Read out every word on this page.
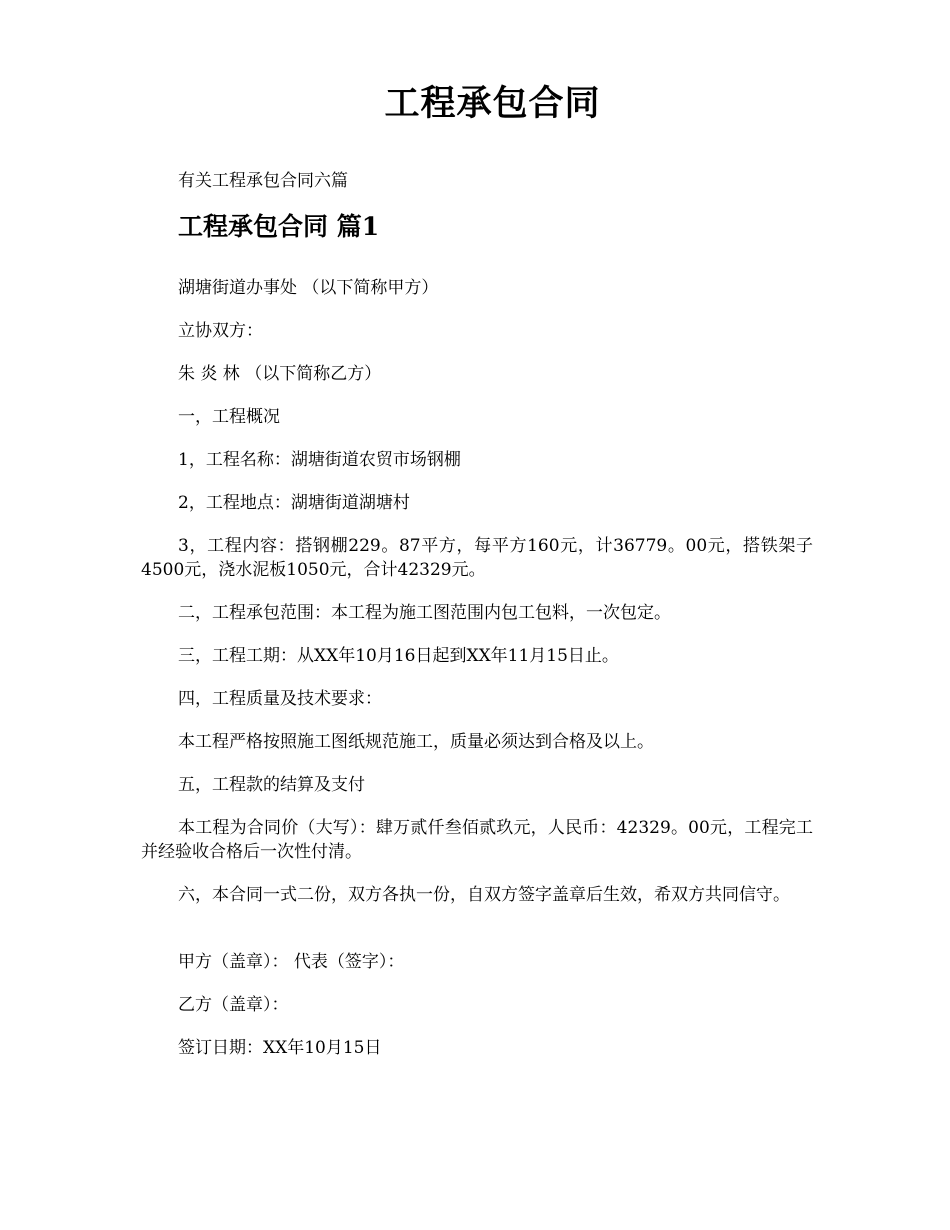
工程承包合同
有关工程承包合同六篇
工程承包合同 篇1

湖塘街道办事处 （以下简称甲方）

立协双方：

朱 炎 林 （以下简称乙方）

一，工程概况

1，工程名称：湖塘街道农贸市场钢棚

2，工程地点：湖塘街道湖塘村

3，工程内容：搭钢棚229。87平方，每平方160元，计36779。00元，搭铁架子4500元，浇水泥板1050元，合计42329元。

二，工程承包范围：本工程为施工图范围内包工包料，一次包定。

三，工程工期：从XX年10月16日起到XX年11月15日止。

四，工程质量及技术要求：

本工程严格按照施工图纸规范施工，质量必须达到合格及以上。

五，工程款的结算及支付

本工程为合同价（大写）：肆万贰仟叁佰贰玖元，人民币：42329。00元，工程完工并经验收合格后一次性付清。

六，本合同一式二份，双方各执一份，自双方签字盖章后生效，希双方共同信守。

甲方（盖章）： 代表（签字）：

乙方（盖章）：

签订日期：XX年10月15日
